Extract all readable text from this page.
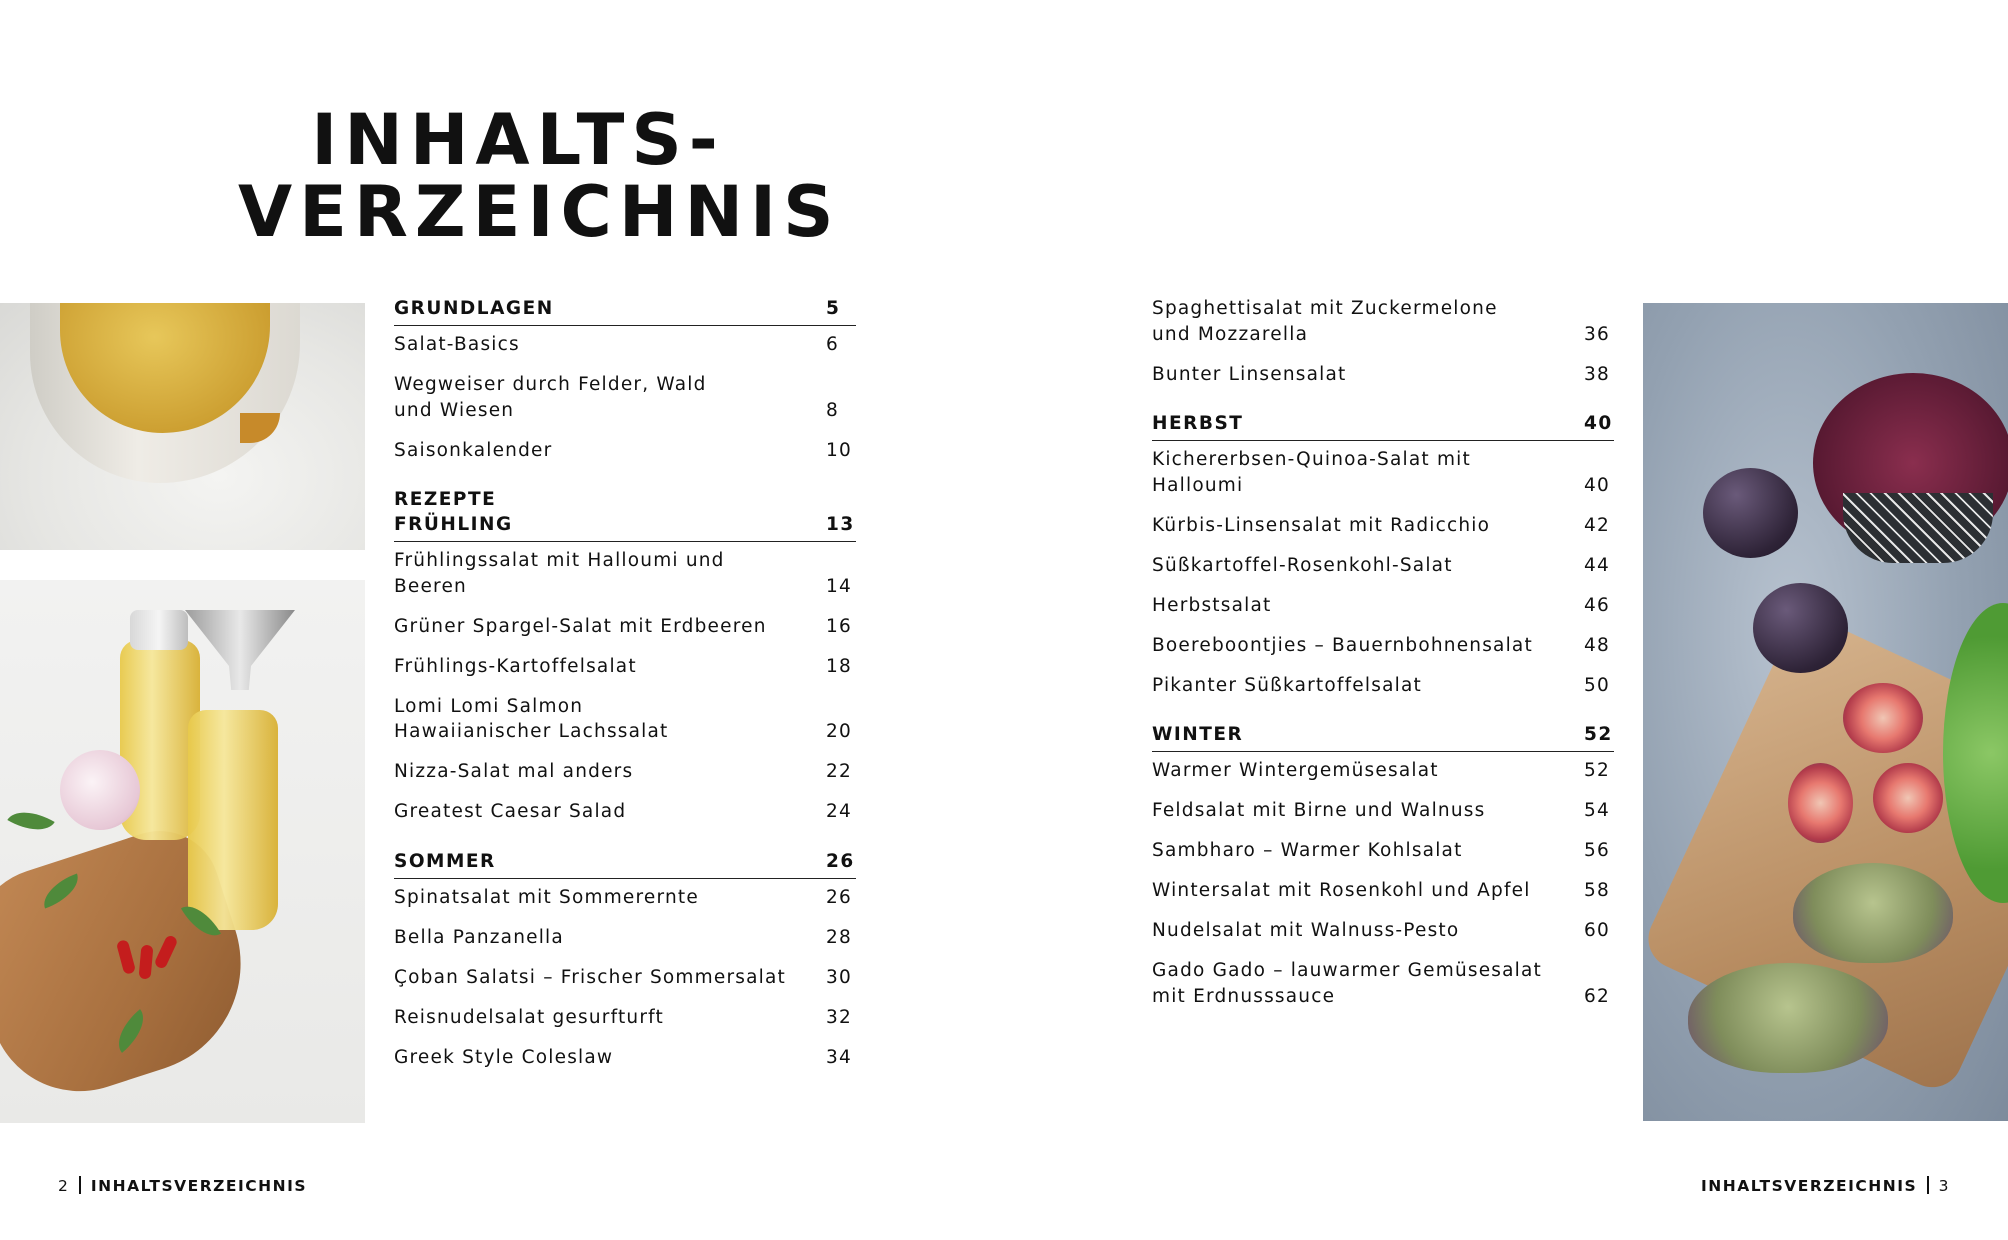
INHALTS-
VERZEICHNIS
GRUNDLAGEN	5
Salat-Basics	6
Wegweiser durch Felder, Wald
und Wiesen	8
Saisonkalender	10
REZEPTE
FRÜHLING	13
Frühlingssalat mit Halloumi und Beeren	14
Grüner Spargel-Salat mit Erdbeeren	16
Frühlings-Kartoffelsalat	18
Lomi Lomi Salmon
Hawaiianischer Lachssalat	20
Nizza-Salat mal anders	22
Greatest Caesar Salad	24
SOMMER	26
Spinatsalat mit Sommerernte	26
Bella Panzanella	28
Çoban Salatsi – Frischer Sommersalat 30
Reisnudelsalat gesurfturft	32
Greek Style Coleslaw	34
Spaghettisalat mit Zuckermelone
und Mozzarella	36
Bunter Linsensalat	38
HERBST	40
Kichererbsen-Quinoa-Salat mit Halloumi	40
Kürbis-Linsensalat mit Radicchio	42
Süßkartoffel-Rosenkohl-Salat	44
Herbstsalat	46
Boereboontjies – Bauernbohnensalat	48
Pikanter Süßkartoffelsalat	50
WINTER	52
Warmer Wintergemüsesalat	52
Feldsalat mit Birne und Walnuss	54
Sambharo – Warmer Kohlsalat	56
Wintersalat mit Rosenkohl und Apfel	58
Nudelsalat mit Walnuss-Pesto	60
Gado Gado – lauwarmer Gemüsesalat
mit Erdnusssauce	62
2 INHALTSVERZEICHNIS	INHALTSVERZEICHNIS 3
